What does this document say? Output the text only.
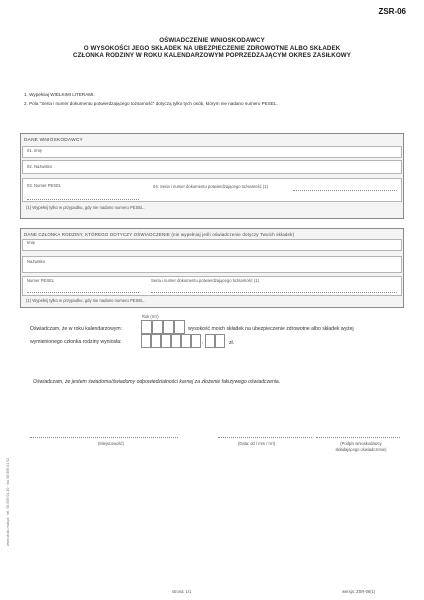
ZSR-06
OŚWIADCZENIE WNIOSKODAWCY
O WYSOKOŚCI JEGO SKŁADEK NA UBEZPIECZENIE ZDROWOTNE ALBO SKŁADEK
CZŁONKA RODZINY W ROKU KALENDARZOWYM POPRZEDZAJĄCYM OKRES ZASIŁKOWY
1. Wypełniaj WIELKIMI LITERAMI.
2. Pola "Seria i numer dokumentu potwierdzającego tożsamość" dotyczą tylko tych osób, którym nie nadano numeru PESEL.
DANE WNIOSKODAWCY
01. Imię
02. Nazwisko
03. Numer PESEL	04. Seria i numer dokumentu potwierdzającego tożsamość (1)
(1) Wypełnij tylko w przypadku, gdy nie nadano numeru PESEL.
DANE CZŁONKA RODZINY, KTÓREGO DOTYCZY OŚWIADCZENIE (nie wypełniaj jeśli oświadczenie dotyczy Twoich składek)
Imię
Nazwisko
Numer PESEL	Seria i numer dokumentu potwierdzającego tożsamość (1)
(1) Wypełnij tylko w przypadku, gdy nie nadano numeru PESEL.
Rok (rrrr)
Oświadczam, że w roku kalendarzowym:	wysokość moich składek na ubezpieczenie zdrowotne albo składek wyżej
wymienionego członka rodziny wyniosła:	,	zł.
Oświadczam, że jestem świadoma/świadomy odpowiedzialności karnej za złożenie fałszywego oświadczenia.
(Miejscowość)	(Data: dd / mm / rrrr)	(Podpis wnioskodawcy
składającego oświadczenie)
www.druki-mda.pl · tel. 58 559 01 30 · fax 58 559 01 52
strona: 1/1	wersja: ZSR-06(1)
